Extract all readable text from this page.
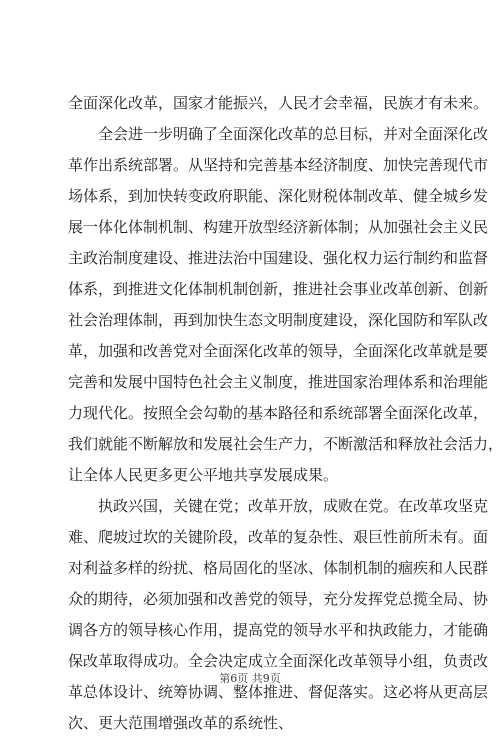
全面深化改革，国家才能振兴，人民才会幸福，民族才有未来。
全会进一步明确了全面深化改革的总目标，并对全面深化改
革作出系统部署。从坚持和完善基本经济制度、加快完善现代市
场体系，到加快转变政府职能、深化财税体制改革、健全城乡发
展一体化体制机制、构建开放型经济新体制；从加强社会主义民
主政治制度建设、推进法治中国建设、强化权力运行制约和监督
体系，到推进文化体制机制创新，推进社会事业改革创新、创新
社会治理体制，再到加快生态文明制度建设，深化国防和军队改
革，加强和改善党对全面深化改革的领导，全面深化改革就是要
完善和发展中国特色社会主义制度，推进国家治理体系和治理能
力现代化。按照全会勾勒的基本路径和系统部署全面深化改革，
我们就能不断解放和发展社会生产力，不断激活和释放社会活力，
让全体人民更多更公平地共享发展成果。
执政兴国，关键在党；改革开放，成败在党。在改革攻坚克
难、爬坡过坎的关键阶段，改革的复杂性、艰巨性前所未有。面
对利益多样的纷扰、格局固化的坚冰、体制机制的痼疾和人民群
众的期待，必须加强和改善党的领导，充分发挥党总揽全局、协
调各方的领导核心作用，提高党的领导水平和执政能力，才能确
保改革取得成功。全会决定成立全面深化改革领导小组，负责改
革总体设计、统筹协调、整体推进、督促落实。这必将从更高层
次、更大范围增强改革的系统性、
第6页 共9页
